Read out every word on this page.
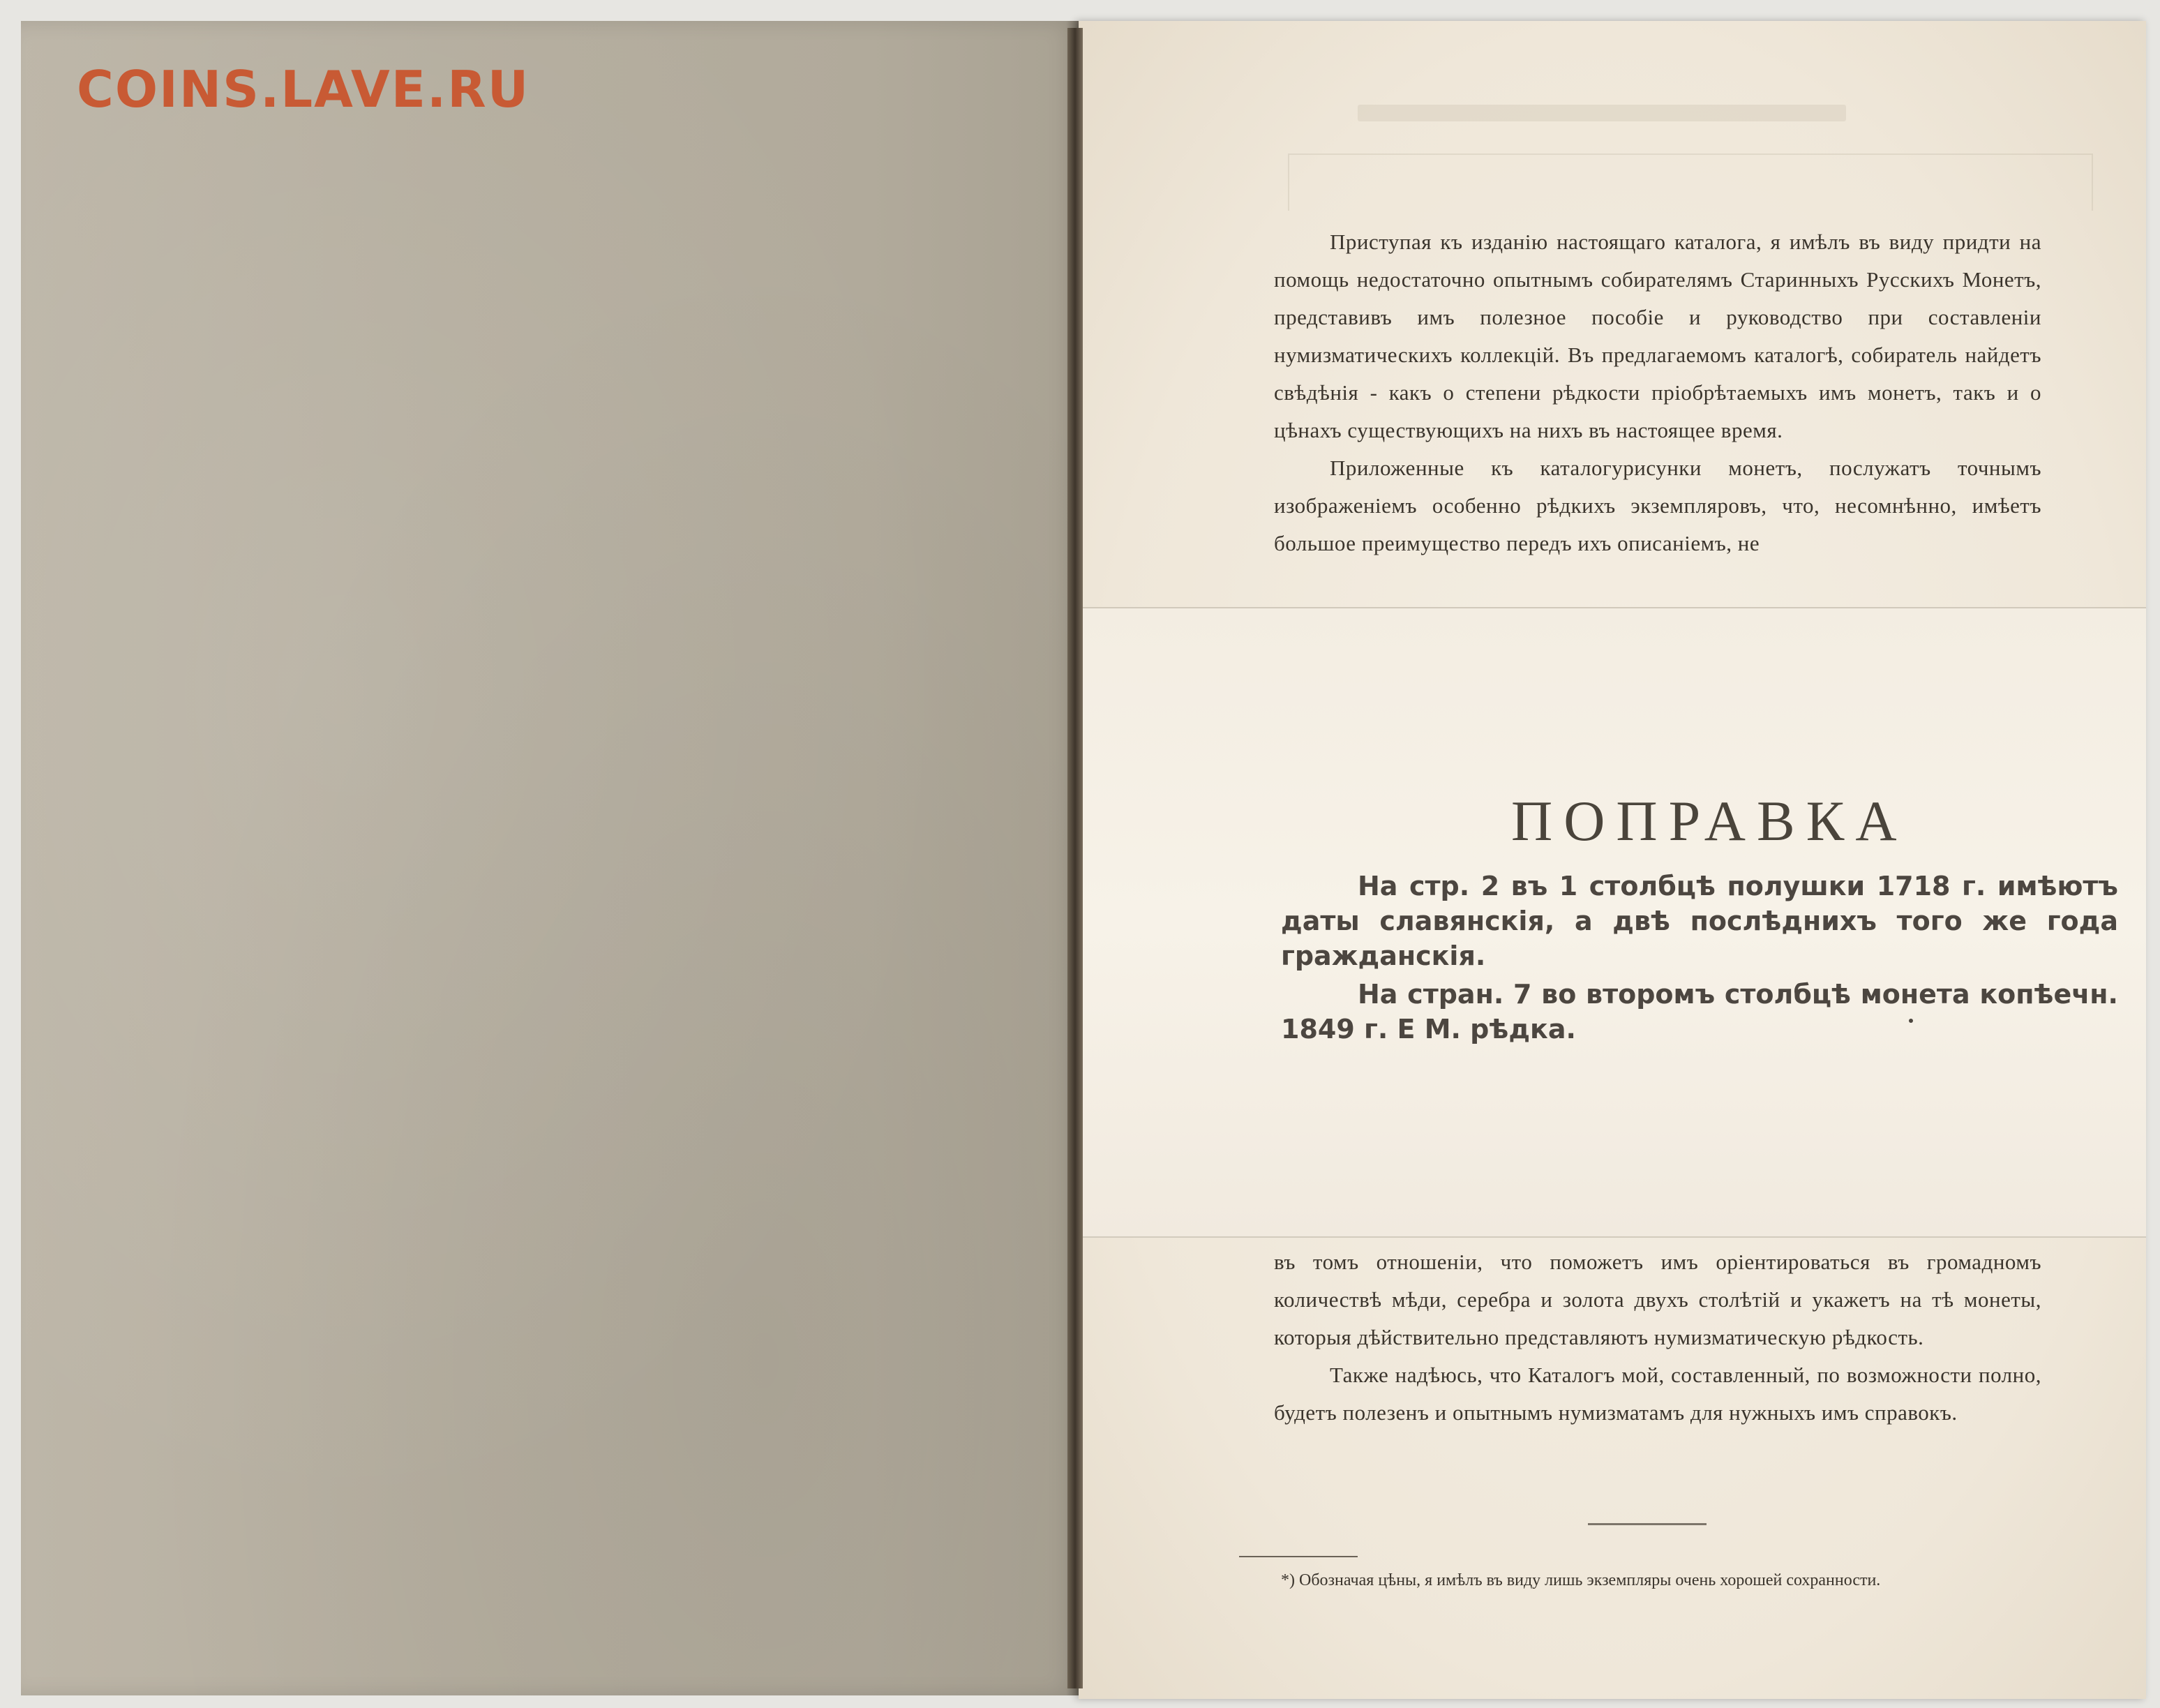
COINS.LAVE.RU

Приступая къ изданію настоящаго каталога, я имѣлъ въ виду придти на помощь недостаточно опытнымъ собирателямъ Старинныхъ Русскихъ Монетъ, представивъ имъ полезное пособіе и руководство при составленіи нумизматическихъ коллекцій. Въ предлагаемомъ каталогѣ, собиратель найдетъ свѣдѣнія - какъ о степени рѣдкости пріобрѣтаемыхъ имъ монетъ, такъ и о цѣнахъ существующихъ на нихъ въ настоящее время.

Приложенные къ каталогурисунки монетъ, послужатъ точнымъ изображеніемъ особенно рѣдкихъ экземпляровъ, что, несомнѣнно, имѣетъ большое преимущество передъ ихъ описаніемъ, не

ПОПРАВКА

На стр. 2 въ 1 столбцѣ полушки 1718 г. имѣютъ даты славянскія, а двѣ послѣднихъ того же года гражданскія.

На стран. 7 во второмъ столбцѣ монета копѣечн. 1849 г. Е М. рѣдка.

въ томъ отношеніи, что поможетъ имъ оріентироваться въ громадномъ количествѣ мѣди, серебра и золота двухъ столѣтій и укажетъ на тѣ монеты, которыя дѣйствительно представляютъ нумизматическую рѣдкость.

Также надѣюсь, что Каталогъ мой, составленный, по возможности полно, будетъ полезенъ и опытнымъ нумизматамъ для нужныхъ имъ справокъ.

*) Обозначая цѣны, я имѣлъ въ виду лишь экземпляры очень хорошей сохранности.
